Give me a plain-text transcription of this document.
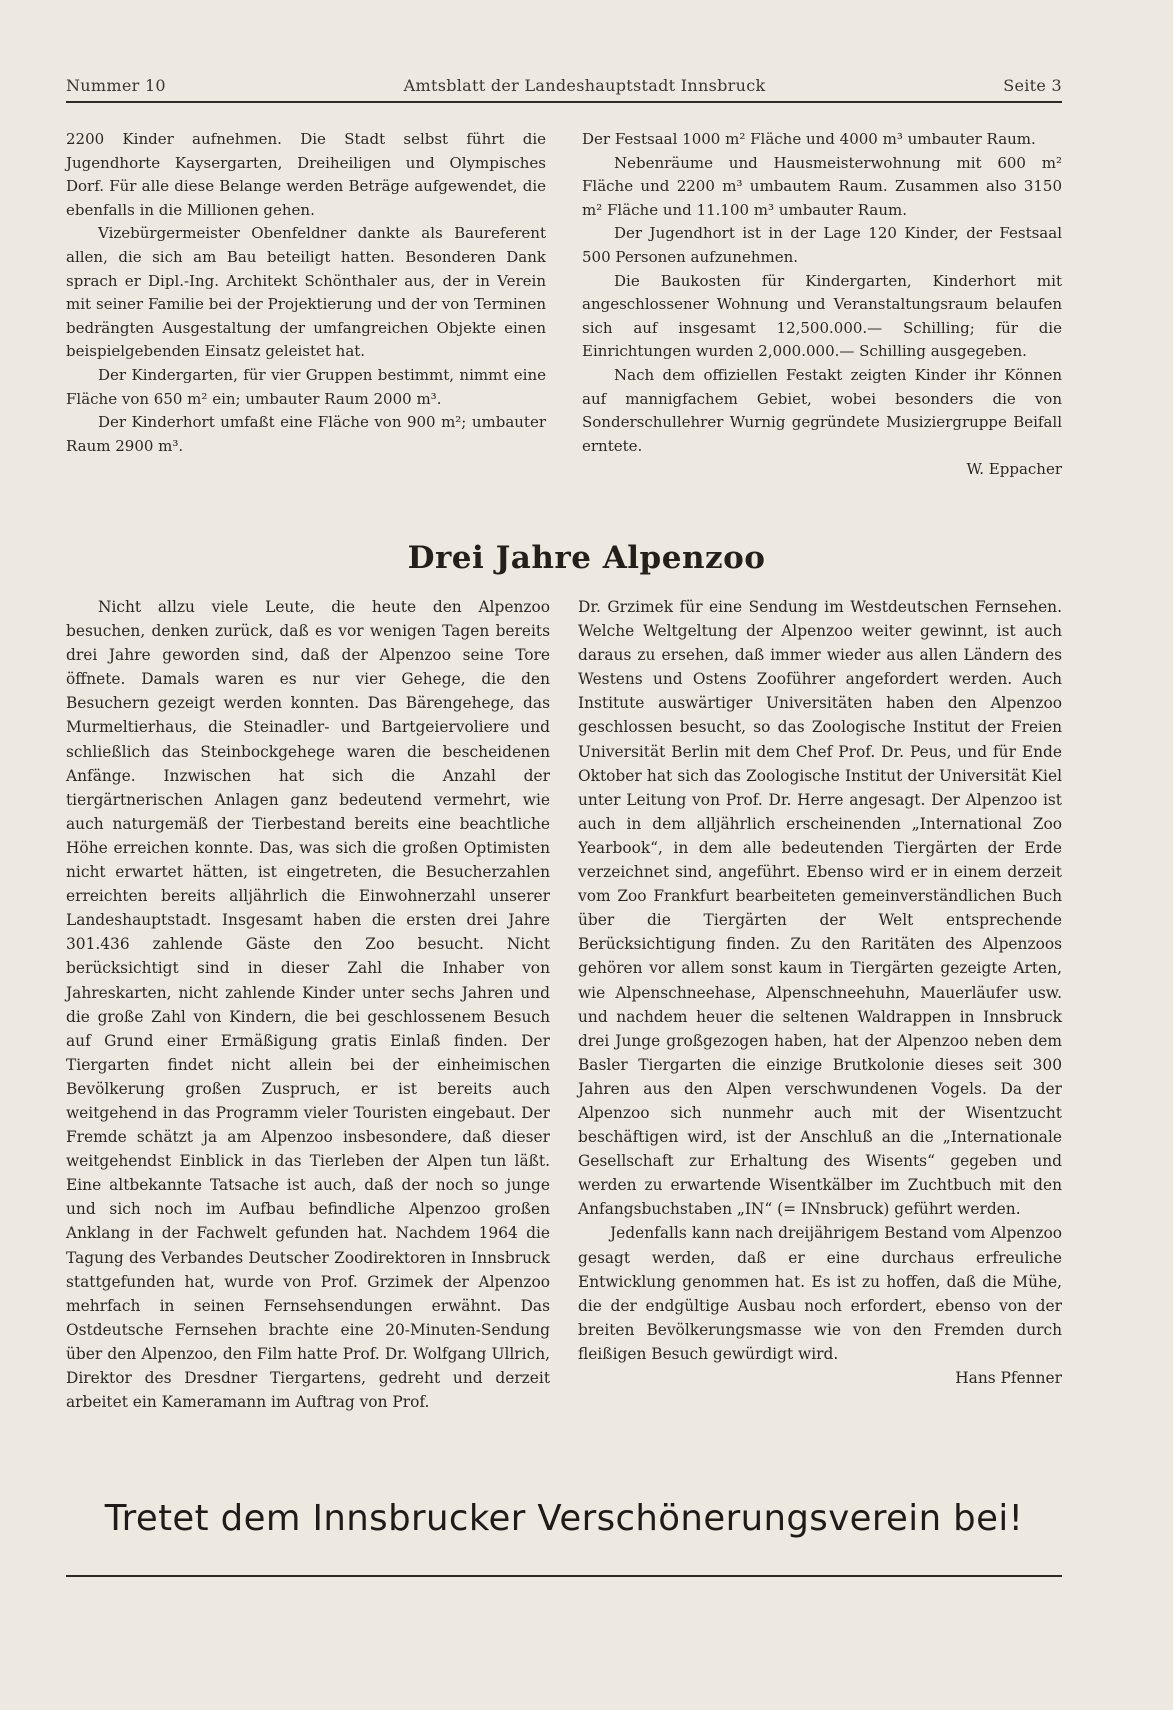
Nummer 10	Amtsblatt der Landeshauptstadt Innsbruck	Seite 3

2200 Kinder aufnehmen. Die Stadt selbst führt die Jugendhorte Kaysergarten, Dreiheiligen und Olympisches Dorf. Für alle diese Belange werden Beträge aufgewendet, die ebenfalls in die Millionen gehen.

Vizebürgermeister Obenfeldner dankte als Baureferent allen, die sich am Bau beteiligt hatten. Besonderen Dank sprach er Dipl.-Ing. Architekt Schönthaler aus, der in Verein mit seiner Familie bei der Projektierung und der von Terminen bedrängten Ausgestaltung der umfangreichen Objekte einen beispielgebenden Einsatz geleistet hat.

Der Kindergarten, für vier Gruppen bestimmt, nimmt eine Fläche von 650 m² ein; umbauter Raum 2000 m³.

Der Kinderhort umfaßt eine Fläche von 900 m²; umbauter Raum 2900 m³.

Der Festsaal 1000 m² Fläche und 4000 m³ umbauter Raum.

Nebenräume und Hausmeisterwohnung mit 600 m² Fläche und 2200 m³ umbautem Raum. Zusammen also 3150 m² Fläche und 11.100 m³ umbauter Raum.

Der Jugendhort ist in der Lage 120 Kinder, der Festsaal 500 Personen aufzunehmen.

Die Baukosten für Kindergarten, Kinderhort mit angeschlossener Wohnung und Veranstaltungsraum belaufen sich auf insgesamt 12,500.000.— Schilling; für die Einrichtungen wurden 2,000.000.— Schilling ausgegeben.

Nach dem offiziellen Festakt zeigten Kinder ihr Können auf mannigfachem Gebiet, wobei besonders die von Sonderschullehrer Wurnig gegründete Musiziergruppe Beifall erntete.

W. Eppacher
Drei Jahre Alpenzoo

Nicht allzu viele Leute, die heute den Alpenzoo besuchen, denken zurück, daß es vor wenigen Tagen bereits drei Jahre geworden sind, daß der Alpenzoo seine Tore öffnete. Damals waren es nur vier Gehege, die den Besuchern gezeigt werden konnten. Das Bärengehege, das Murmeltierhaus, die Steinadler- und Bartgeiervoliere und schließlich das Steinbockgehege waren die bescheidenen Anfänge. Inzwischen hat sich die Anzahl der tiergärtnerischen Anlagen ganz bedeutend vermehrt, wie auch naturgemäß der Tierbestand bereits eine beachtliche Höhe erreichen konnte. Das, was sich die großen Optimisten nicht erwartet hätten, ist eingetreten, die Besucherzahlen erreichten bereits alljährlich die Einwohnerzahl unserer Landeshauptstadt. Insgesamt haben die ersten drei Jahre 301.436 zahlende Gäste den Zoo besucht. Nicht berücksichtigt sind in dieser Zahl die Inhaber von Jahreskarten, nicht zahlende Kinder unter sechs Jahren und die große Zahl von Kindern, die bei geschlossenem Besuch auf Grund einer Ermäßigung gratis Einlaß finden. Der Tiergarten findet nicht allein bei der einheimischen Bevölkerung großen Zuspruch, er ist bereits auch weitgehend in das Programm vieler Touristen eingebaut. Der Fremde schätzt ja am Alpenzoo insbesondere, daß dieser weitgehendst Einblick in das Tierleben der Alpen tun läßt. Eine altbekannte Tatsache ist auch, daß der noch so junge und sich noch im Aufbau befindliche Alpenzoo großen Anklang in der Fachwelt gefunden hat. Nachdem 1964 die Tagung des Verbandes Deutscher Zoodirektoren in Innsbruck stattgefunden hat, wurde von Prof. Grzimek der Alpenzoo mehrfach in seinen Fernsehsendungen erwähnt. Das Ostdeutsche Fernsehen brachte eine 20-Minuten-Sendung über den Alpenzoo, den Film hatte Prof. Dr. Wolfgang Ullrich, Direktor des Dresdner Tiergartens, gedreht und derzeit arbeitet ein Kameramann im Auftrag von Prof.

Dr. Grzimek für eine Sendung im Westdeutschen Fernsehen. Welche Weltgeltung der Alpenzoo weiter gewinnt, ist auch daraus zu ersehen, daß immer wieder aus allen Ländern des Westens und Ostens Zooführer angefordert werden. Auch Institute auswärtiger Universitäten haben den Alpenzoo geschlossen besucht, so das Zoologische Institut der Freien Universität Berlin mit dem Chef Prof. Dr. Peus, und für Ende Oktober hat sich das Zoologische Institut der Universität Kiel unter Leitung von Prof. Dr. Herre angesagt. Der Alpenzoo ist auch in dem alljährlich erscheinenden „International Zoo Yearbook“, in dem alle bedeutenden Tiergärten der Erde verzeichnet sind, angeführt. Ebenso wird er in einem derzeit vom Zoo Frankfurt bearbeiteten gemeinverständlichen Buch über die Tiergärten der Welt entsprechende Berücksichtigung finden. Zu den Raritäten des Alpenzoos gehören vor allem sonst kaum in Tiergärten gezeigte Arten, wie Alpenschneehase, Alpenschneehuhn, Mauerläufer usw. und nachdem heuer die seltenen Waldrappen in Innsbruck drei Junge großgezogen haben, hat der Alpenzoo neben dem Basler Tiergarten die einzige Brutkolonie dieses seit 300 Jahren aus den Alpen verschwundenen Vogels. Da der Alpenzoo sich nunmehr auch mit der Wisentzucht beschäftigen wird, ist der Anschluß an die „Internationale Gesellschaft zur Erhaltung des Wisents“ gegeben und werden zu erwartende Wisentkälber im Zuchtbuch mit den Anfangsbuchstaben „IN“ (= INnsbruck) geführt werden.

Jedenfalls kann nach dreijährigem Bestand vom Alpenzoo gesagt werden, daß er eine durchaus erfreuliche Entwicklung genommen hat. Es ist zu hoffen, daß die Mühe, die der endgültige Ausbau noch erfordert, ebenso von der breiten Bevölkerungsmasse wie von den Fremden durch fleißigen Besuch gewürdigt wird.

Hans Pfenner
Tretet dem Innsbrucker Verschönerungsverein bei!
